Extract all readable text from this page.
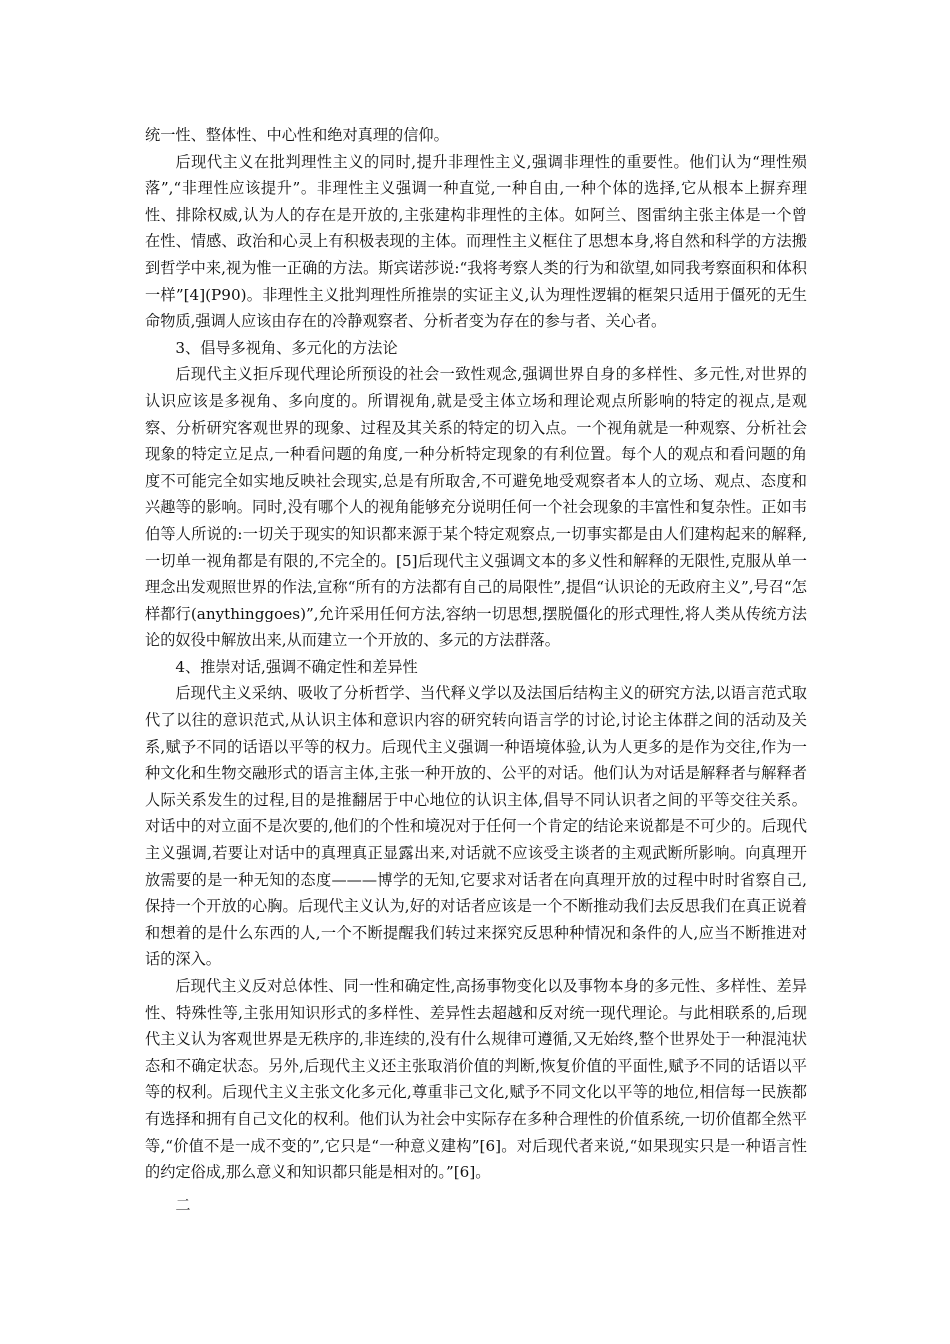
统一性、整体性、中心性和绝对真理的信仰。

后现代主义在批判理性主义的同时,提升非理性主义,强调非理性的重要性。他们认为“理性殒落”,“非理性应该提升”。非理性主义强调一种直觉,一种自由,一种个体的选择,它从根本上摒弃理性、排除权威,认为人的存在是开放的,主张建构非理性的主体。如阿兰、图雷纳主张主体是一个曾在性、情感、政治和心灵上有积极表现的主体。而理性主义框住了思想本身,将自然和科学的方法搬到哲学中来,视为惟一正确的方法。斯宾诺莎说:“我将考察人类的行为和欲望,如同我考察面积和体积一样”[4](P90)。非理性主义批判理性所推崇的实证主义,认为理性逻辑的框架只适用于僵死的无生命物质,强调人应该由存在的冷静观察者、分析者变为存在的参与者、关心者。

3、倡导多视角、多元化的方法论

后现代主义拒斥现代理论所预设的社会一致性观念,强调世界自身的多样性、多元性,对世界的认识应该是多视角、多向度的。所谓视角,就是受主体立场和理论观点所影响的特定的视点,是观察、分析研究客观世界的现象、过程及其关系的特定的切入点。一个视角就是一种观察、分析社会现象的特定立足点,一种看问题的角度,一种分析特定现象的有利位置。每个人的观点和看问题的角度不可能完全如实地反映社会现实,总是有所取舍,不可避免地受观察者本人的立场、观点、态度和兴趣等的影响。同时,没有哪个人的视角能够充分说明任何一个社会现象的丰富性和复杂性。正如韦伯等人所说的:一切关于现实的知识都来源于某个特定观察点,一切事实都是由人们建构起来的解释,一切单一视角都是有限的,不完全的。[5]后现代主义强调文本的多义性和解释的无限性,克服从单一理念出发观照世界的作法,宣称“所有的方法都有自己的局限性”,提倡“认识论的无政府主义”,号召“怎样都行(anythinggoes)”,允许采用任何方法,容纳一切思想,摆脱僵化的形式理性,将人类从传统方法论的奴役中解放出来,从而建立一个开放的、多元的方法群落。

4、推崇对话,强调不确定性和差异性

后现代主义采纳、吸收了分析哲学、当代释义学以及法国后结构主义的研究方法,以语言范式取代了以往的意识范式,从认识主体和意识内容的研究转向语言学的讨论,讨论主体群之间的活动及关系,赋予不同的话语以平等的权力。后现代主义强调一种语境体验,认为人更多的是作为交往,作为一种文化和生物交融形式的语言主体,主张一种开放的、公平的对话。他们认为对话是解释者与解释者人际关系发生的过程,目的是推翻居于中心地位的认识主体,倡导不同认识者之间的平等交往关系。对话中的对立面不是次要的,他们的个性和境况对于任何一个肯定的结论来说都是不可少的。后现代主义强调,若要让对话中的真理真正显露出来,对话就不应该受主谈者的主观武断所影响。向真理开放需要的是一种无知的态度———博学的无知,它要求对话者在向真理开放的过程中时时省察自己,保持一个开放的心胸。后现代主义认为,好的对话者应该是一个不断推动我们去反思我们在真正说着和想着的是什么东西的人,一个不断提醒我们转过来探究反思种种情况和条件的人,应当不断推进对话的深入。

后现代主义反对总体性、同一性和确定性,高扬事物变化以及事物本身的多元性、多样性、差异性、特殊性等,主张用知识形式的多样性、差异性去超越和反对统一现代理论。与此相联系的,后现代主义认为客观世界是无秩序的,非连续的,没有什么规律可遵循,又无始终,整个世界处于一种混沌状态和不确定状态。另外,后现代主义还主张取消价值的判断,恢复价值的平面性,赋予不同的话语以平等的权利。后现代主义主张文化多元化,尊重非己文化,赋予不同文化以平等的地位,相信每一民族都有选择和拥有自己文化的权利。他们认为社会中实际存在多种合理性的价值系统,一切价值都全然平等,“价值不是一成不变的”,它只是“一种意义建构”[6]。对后现代者来说,“如果现实只是一种语言性的约定俗成,那么意义和知识都只能是相对的。”[6]。

二
